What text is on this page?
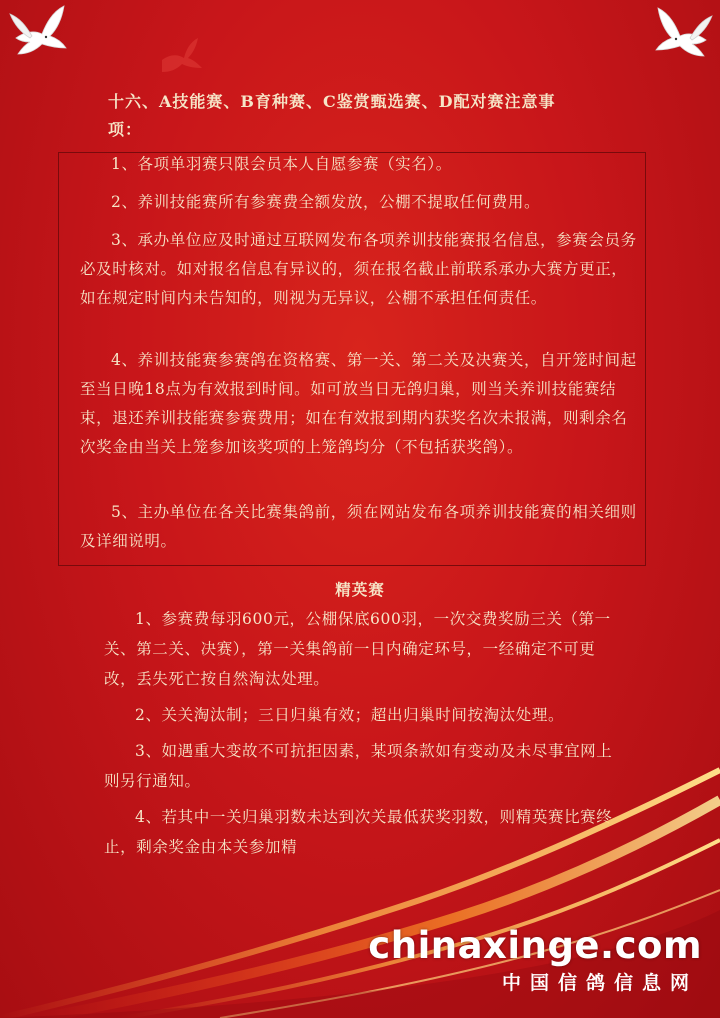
十六、A技能赛、B育种赛、C鉴赏甄选赛、D配对赛注意事
项：
1、各项单羽赛只限会员本人自愿参赛（实名）。
2、养训技能赛所有参赛费全额发放，公棚不提取任何费用。
3、承办单位应及时通过互联网发布各项养训技能赛报名信息，参赛会员务必及时核对。如对报名信息有异议的，须在报名截止前联系承办大赛方更正，如在规定时间内未告知的，则视为无异议，公棚不承担任何责任。
4、养训技能赛参赛鸽在资格赛、第一关、第二关及决赛关，自开笼时间起至当日晚18点为有效报到时间。如可放当日无鸽归巢，则当关养训技能赛结束，退还养训技能赛参赛费用；如在有效报到期内获奖名次未报满，则剩余名次奖金由当关上笼参加该奖项的上笼鸽均分（不包括获奖鸽）。
5、主办单位在各关比赛集鸽前，须在网站发布各项养训技能赛的相关细则及详细说明。
精英赛
1、参赛费每羽600元，公棚保底600羽，一次交费奖励三关（第一关、第二关、决赛），第一关集鸽前一日内确定环号，一经确定不可更改，丢失死亡按自然淘汰处理。
2、关关淘汰制；三日归巢有效；超出归巢时间按淘汰处理。
3、如遇重大变故不可抗拒因素，某项条款如有变动及未尽事宜网上则另行通知。
4、若其中一关归巢羽数未达到次关最低获奖羽数，则精英赛比赛终止，剩余奖金由本关参加精
chinaxinge.com
中国信鸽信息网
